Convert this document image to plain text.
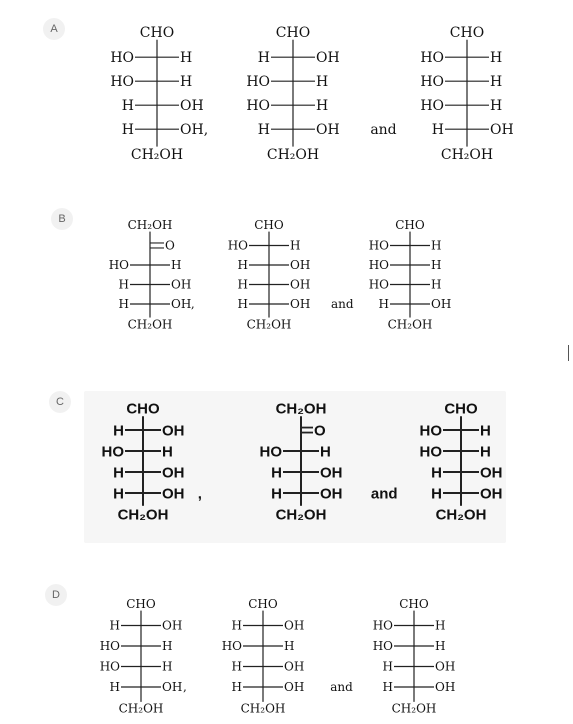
A
B
C
D
CHO
HO	H
HO	H
H	OH
H	OH
CH₂OH
,
CHO
H	OH
HO	H
HO	H
H	OH
CH₂OH
and
CHO
HO	H
HO	H
HO	H
H	OH
CH₂OH
CH₂OH
O
HO	H
H	OH
H	OH
CH₂OH
,
CHO
HO	H
H	OH
H	OH
H	OH
CH₂OH
and
CHO
HO	H
HO	H
HO	H
H	OH
CH₂OH
CHO
H	OH
HO	H
H	OH
H	OH
CH₂OH
,
CH₂OH
O
HO	H
H	OH
H	OH
CH₂OH
and
CHO
HO	H
HO	H
H	OH
H	OH
CH₂OH
CHO
H	OH
HO	H
HO	H
H	OH
CH₂OH
,
CHO
H	OH
HO	H
H	OH
H	OH
CH₂OH
and
CHO
HO	H
HO	H
H	OH
H	OH
CH₂OH
